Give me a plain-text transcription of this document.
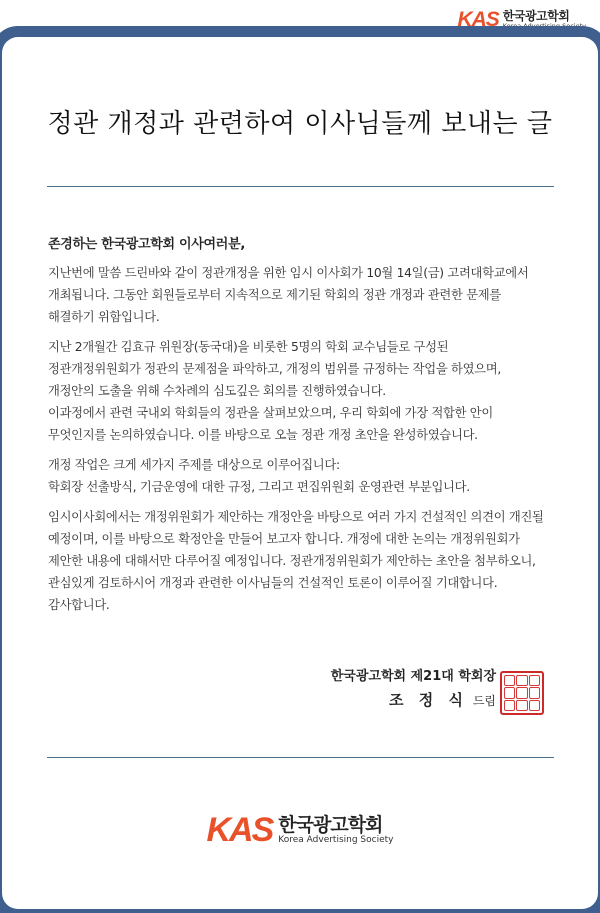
KAS 한국광고학회
Korea Advertising Society
정관 개정과 관련하여 이사님들께 보내는 글

존경하는 한국광고학회 이사여러분,

지난번에 말씀 드린바와 같이 정관개정을 위한 임시 이사회가 10월 14일(금) 고려대학교에서
개최됩니다. 그동안 회원들로부터 지속적으로 제기된 학회의 정관 개정과 관련한 문제를
해결하기 위함입니다.

지난 2개월간 김효규 위원장(동국대)을 비롯한 5명의 학회 교수님들로 구성된
정관개정위원회가 정관의 문제점을 파악하고, 개정의 범위를 규정하는 작업을 하였으며,
개정안의 도출을 위해 수차례의 심도깊은 회의를 진행하였습니다.
이과정에서 관련 국내외 학회들의 정관을 살펴보았으며, 우리 학회에 가장 적합한 안이
무엇인지를 논의하였습니다. 이를 바탕으로 오늘 정관 개정 초안을 완성하였습니다.

개정 작업은 크게 세가지 주제를 대상으로 이루어집니다:
학회장 선출방식, 기금운영에 대한 규정, 그리고 편집위원회 운영관련 부분입니다.

임시이사회에서는 개정위원회가 제안하는 개정안을 바탕으로 여러 가지 건설적인 의견이 개진될
예정이며, 이를 바탕으로 확정안을 만들어 보고자 합니다. 개정에 대한 논의는 개정위원회가
제안한 내용에 대해서만 다루어질 예정입니다. 정관개정위원회가 제안하는 초안을 첨부하오니,
관심있게 검토하시어 개정과 관련한 이사님들의 건설적인 토론이 이루어질 기대합니다.
감사합니다.

한국광고학회 제21대 학회장
조 정 식 드림
KAS 한국광고학회
Korea Advertising Society
